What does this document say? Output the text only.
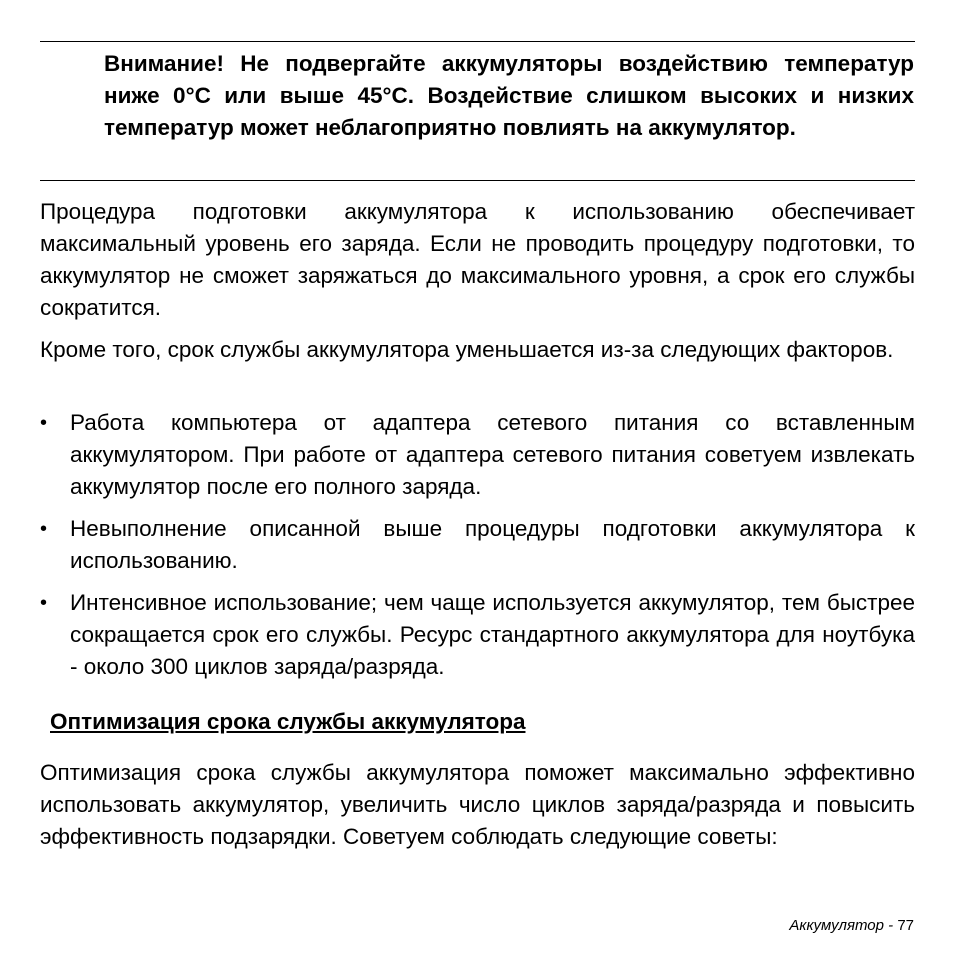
Внимание! Не подвергайте аккумуляторы воздействию температур ниже 0°C или выше 45°C. Воздействие слишком высоких и низких температур может неблагоприятно повлиять на аккумулятор.

Процедура подготовки аккумулятора к использованию обеспечивает максимальный уровень его заряда. Если не проводить процедуру подготовки, то аккумулятор не сможет заряжаться до максимального уровня, а срок его службы сократится.

Кроме того, срок службы аккумулятора уменьшается из-за следующих факторов.

• Работа компьютера от адаптера сетевого питания со вставленным аккумулятором. При работе от адаптера сетевого питания советуем извлекать аккумулятор после его полного заряда.
• Невыполнение описанной выше процедуры подготовки аккумулятора к использованию.
• Интенсивное использование; чем чаще используется аккумулятор, тем быстрее сокращается срок его службы. Ресурс стандартного аккумулятора для ноутбука - около 300 циклов заряда/разряда.
Оптимизация срока службы аккумулятора

Оптимизация срока службы аккумулятора поможет максимально эффективно использовать аккумулятор, увеличить число циклов заряда/разряда и повысить эффективность подзарядки. Советуем соблюдать следующие советы:

Аккумулятор - 77
